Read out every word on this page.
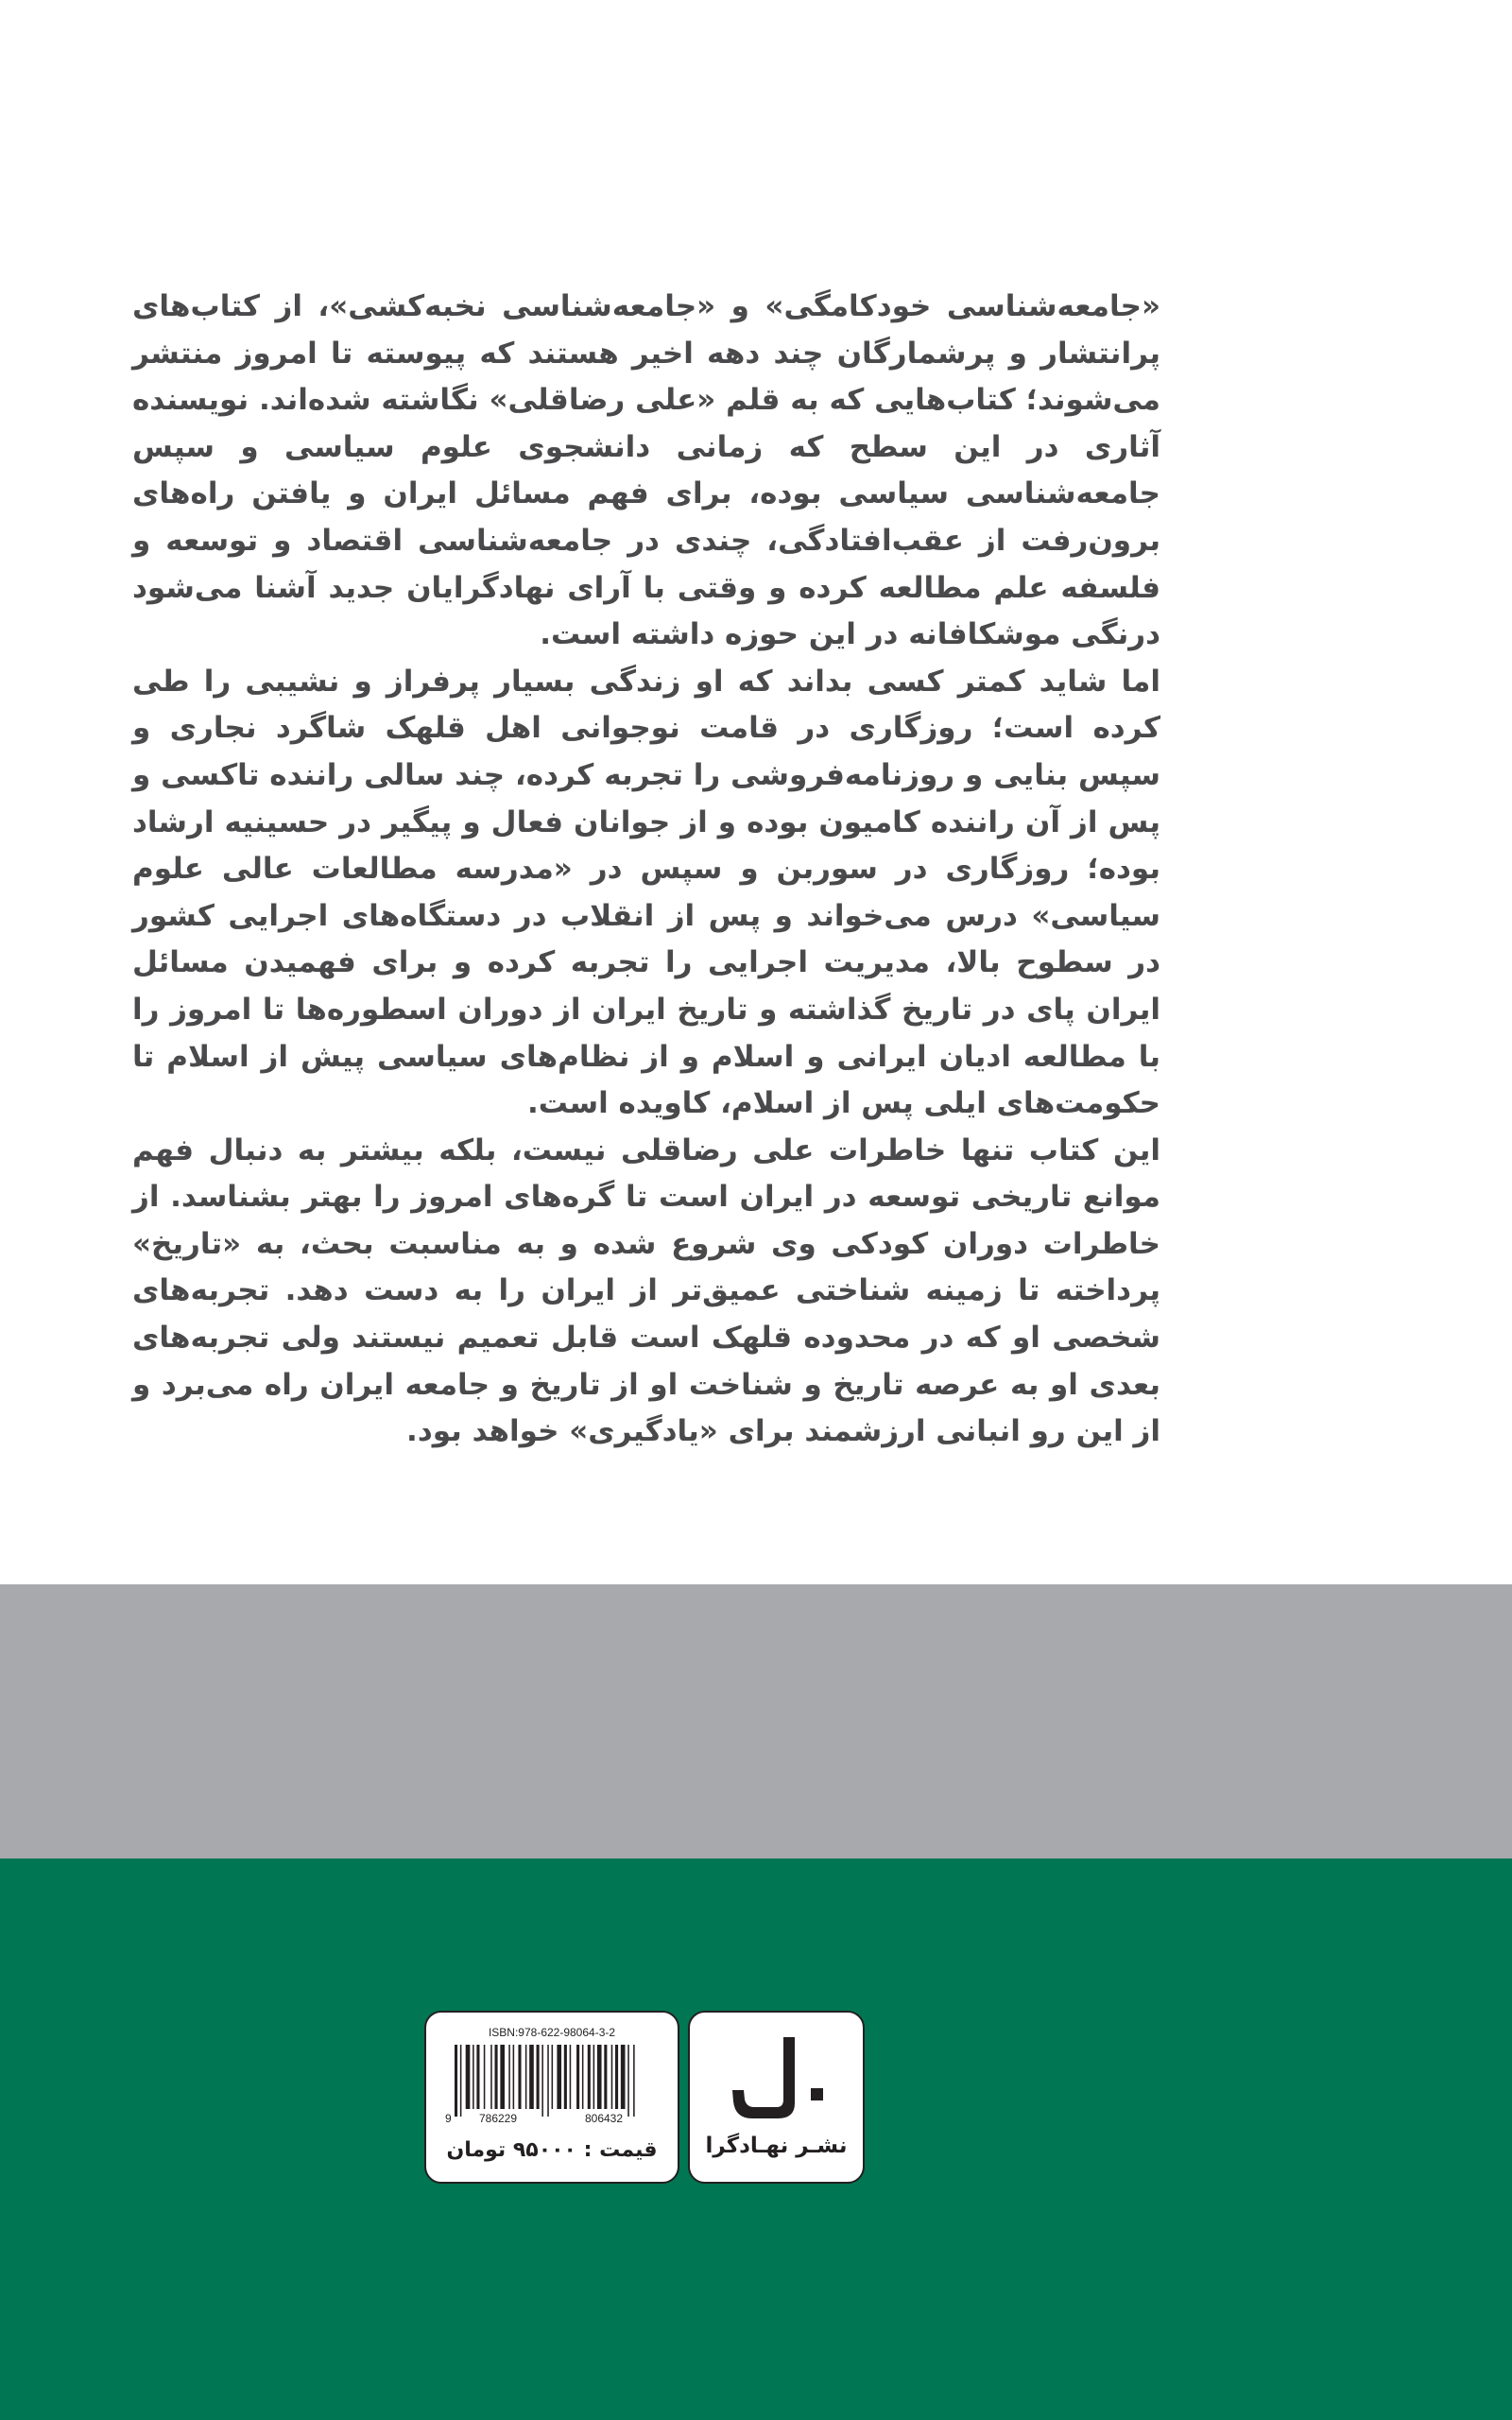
«جامعه‌شناسی خودکامگی» و «جامعه‌شناسی نخبه‌کشی»، از کتاب‌های پرانتشار و پرشمارگان چند دهه اخیر هستند که پیوسته تا امروز منتشر می‌شوند؛ کتاب‌هایی که به قلم «علی رضاقلی» نگاشته شده‌اند. نویسنده آثاری در این سطح که زمانی دانشجوی علوم سیاسی و سپس جامعه‌شناسی سیاسی بوده، برای فهم مسائل ایران و یافتن راه‌های برون‌رفت از عقب‌افتادگی، چندی در جامعه‌شناسی اقتصاد و توسعه و فلسفه علم مطالعه کرده و وقتی با آرای نهادگرایان جدید آشنا می‌شود درنگی موشکافانه در این حوزه داشته است.

اما شاید کمتر کسی بداند که او زندگی بسیار پرفراز و نشیبی را طی کرده است؛ روزگاری در قامت نوجوانی اهل قلهک شاگرد نجاری و سپس بنایی و روزنامه‌فروشی را تجربه کرده، چند سالی راننده تاکسی و پس از آن راننده کامیون بوده و از جوانان فعال و پیگیر در حسینیه ارشاد بوده؛ روزگاری در سوربن و سپس در «مدرسه مطالعات عالی علوم سیاسی» درس می‌خواند و پس از انقلاب در دستگاه‌های اجرایی کشور در سطوح بالا، مدیریت اجرایی را تجربه کرده و برای فهمیدن مسائل ایران پای در تاریخ گذاشته و تاریخ ایران از دوران اسطوره‌ها تا امروز را با مطالعه ادیان ایرانی و اسلام و از نظام‌های سیاسی پیش از اسلام تا حکومت‌های ایلی پس از اسلام، کاویده است.

این کتاب تنها خاطرات علی رضاقلی نیست، بلکه بیشتر به دنبال فهم موانع تاریخی توسعه در ایران است تا گره‌های امروز را بهتر بشناسد. از خاطرات دوران کودکی وی شروع شده و به مناسبت بحث، به «تاریخ» پرداخته تا زمینه شناختی عمیق‌تر از ایران را به دست دهد. تجربه‌های شخصی او که در محدوده قلهک است قابل تعمیم نیستند ولی تجربه‌های بعدی او به عرصه تاریخ و شناخت او از تاریخ و جامعه ایران راه می‌برد و از این رو انبانی ارزشمند برای «یادگیری» خواهد بود.

نشـر نهـادگرا
ISBN:978-622-98064-3-2
9 786229	806432
قیمت : ۹۵۰۰۰ تومان
